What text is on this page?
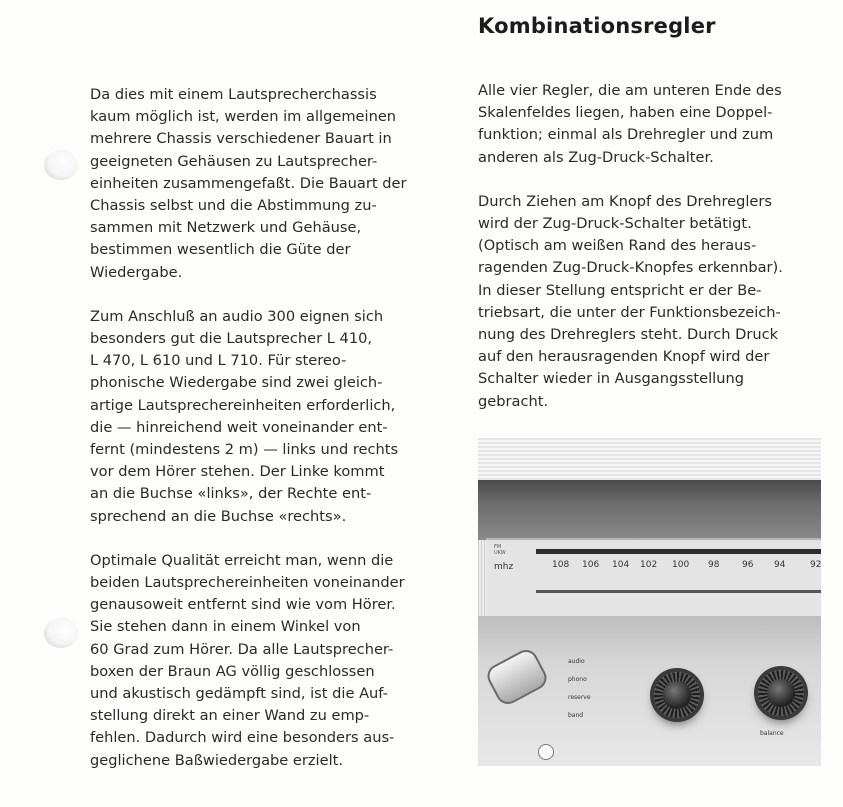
Da dies mit einem Lautsprecherchassis
kaum möglich ist, werden im allgemeinen
mehrere Chassis verschiedener Bauart in
geeigneten Gehäusen zu Lautsprecher-
einheiten zusammengefaßt. Die Bauart der
Chassis selbst und die Abstimmung zu-
sammen mit Netzwerk und Gehäuse,
bestimmen wesentlich die Güte der
Wiedergabe.

Zum Anschluß an audio 300 eignen sich
besonders gut die Lautsprecher L 410,
L 470, L 610 und L 710. Für stereo-
phonische Wiedergabe sind zwei gleich-
artige Lautsprechereinheiten erforderlich,
die — hinreichend weit voneinander ent-
fernt (mindestens 2 m) — links und rechts
vor dem Hörer stehen. Der Linke kommt
an die Buchse «links», der Rechte ent-
sprechend an die Buchse «rechts».

Optimale Qualität erreicht man, wenn die
beiden Lautsprechereinheiten voneinander
genausoweit entfernt sind wie vom Hörer.
Sie stehen dann in einem Winkel von
60 Grad zum Hörer. Da alle Lautsprecher-
boxen der Braun AG völlig geschlossen
und akustisch gedämpft sind, ist die Auf-
stellung direkt an einer Wand zu emp-
fehlen. Dadurch wird eine besonders aus-
geglichene Baßwiedergabe erzielt.

Kombinationsregler

Alle vier Regler, die am unteren Ende des
Skalenfeldes liegen, haben eine Doppel-
funktion; einmal als Drehregler und zum
anderen als Zug-Druck-Schalter.

Durch Ziehen am Knopf des Drehreglers
wird der Zug-Druck-Schalter betätigt.
(Optisch am weißen Rand des heraus-
ragenden Zug-Druck-Knopfes erkennbar).
In dieser Stellung entspricht er der Be-
triebsart, die unter der Funktionsbezeich-
nung des Drehreglers steht. Durch Druck
auf den herausragenden Knopf wird der
Schalter wieder in Ausgangsstellung
gebracht.

FM
UKW
mhz	108 106 104 102 100 98	96 94	92
audio
phono
reserve
band
balance
